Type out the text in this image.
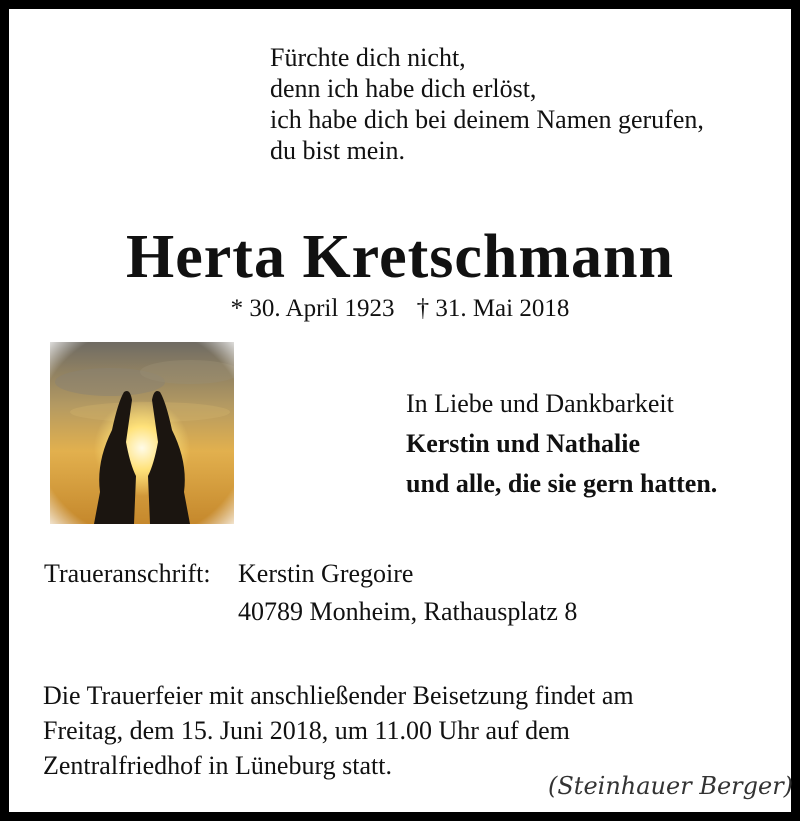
Fürchte dich nicht,
denn ich habe dich erlöst,
ich habe dich bei deinem Namen gerufen,
du bist mein.
Herta Kretschmann
* 30. April 1923 † 31. Mai 2018
In Liebe und Dankbarkeit
Kerstin und Nathalie
und alle, die sie gern hatten.
Traueranschrift: Kerstin Gregoire
40789 Monheim, Rathausplatz 8
Die Trauerfeier mit anschließender Beisetzung findet am
Freitag, dem 15. Juni 2018, um 11.00 Uhr auf dem
Zentralfriedhof in Lüneburg statt.
(Steinhauer Berger)
